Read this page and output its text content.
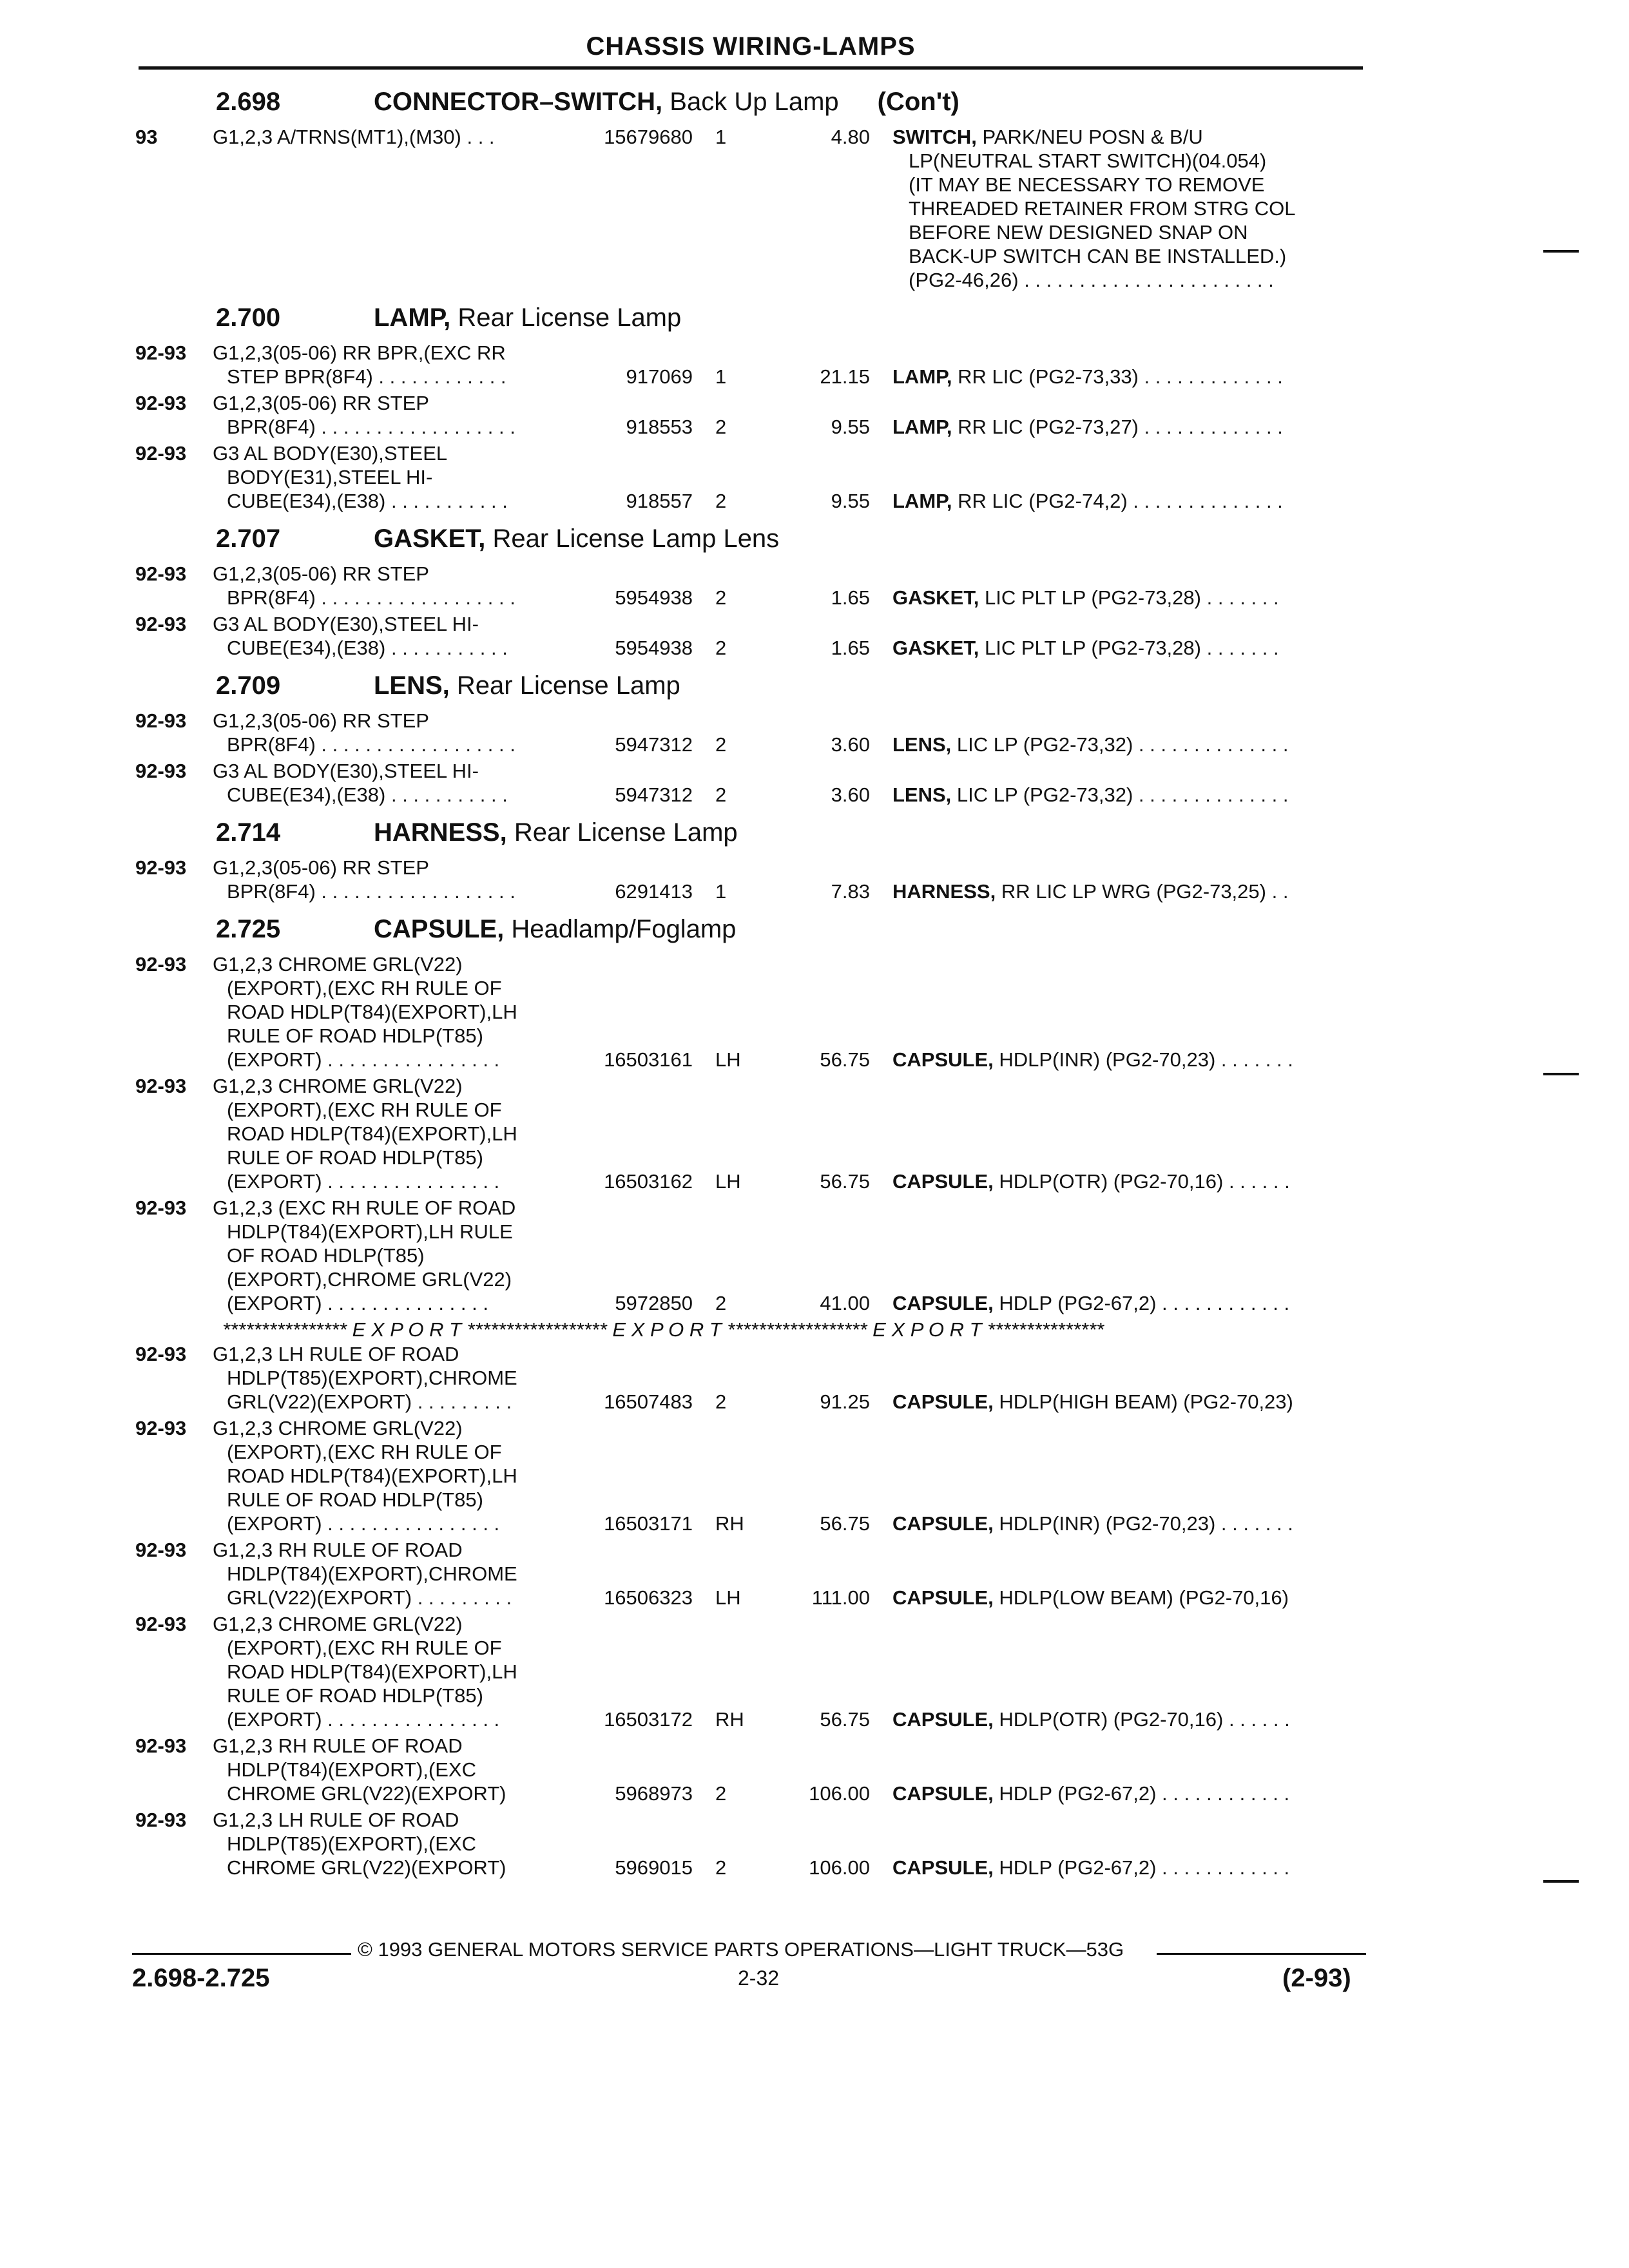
CHASSIS WIRING-LAMPS
2.698	CONNECTOR–SWITCH, Back Up Lamp (Con't)
93	G1,2,3 A/TRNS(MT1),(M30) . . .	15679680 1	4.80 SWITCH, PARK/NEU POSN & B/U
LP(NEUTRAL START SWITCH)(04.054)
(IT MAY BE NECESSARY TO REMOVE
THREADED RETAINER FROM STRG COL
BEFORE NEW DESIGNED SNAP ON
BACK-UP SWITCH CAN BE INSTALLED.)
(PG2-46,26) . . . . . . . . . . . . . . . . . . . . . . .
2.700	LAMP, Rear License Lamp
92-93 G1,2,3(05-06) RR BPR,(EXC RR
STEP BPR(8F4) . . . . . . . . . . . .	917069 1	21.15 LAMP, RR LIC (PG2-73,33) . . . . . . . . . . . . .
92-93 G1,2,3(05-06) RR STEP
BPR(8F4) . . . . . . . . . . . . . . . . . .	918553 2	9.55 LAMP, RR LIC (PG2-73,27) . . . . . . . . . . . . .
92-93 G3 AL BODY(E30),STEEL
BODY(E31),STEEL HI-
CUBE(E34),(E38) . . . . . . . . . . .	918557 2	9.55 LAMP, RR LIC (PG2-74,2) . . . . . . . . . . . . . .
2.707	GASKET, Rear License Lamp Lens
92-93 G1,2,3(05-06) RR STEP
BPR(8F4) . . . . . . . . . . . . . . . . . .	5954938 2	1.65 GASKET, LIC PLT LP (PG2-73,28) . . . . . . .
92-93 G3 AL BODY(E30),STEEL HI-
CUBE(E34),(E38) . . . . . . . . . . .	5954938 2	1.65 GASKET, LIC PLT LP (PG2-73,28) . . . . . . .
2.709	LENS, Rear License Lamp
92-93 G1,2,3(05-06) RR STEP
BPR(8F4) . . . . . . . . . . . . . . . . . .	5947312 2	3.60 LENS, LIC LP (PG2-73,32) . . . . . . . . . . . . . .
92-93 G3 AL BODY(E30),STEEL HI-
CUBE(E34),(E38) . . . . . . . . . . .	5947312 2	3.60 LENS, LIC LP (PG2-73,32) . . . . . . . . . . . . . .
2.714	HARNESS, Rear License Lamp
92-93 G1,2,3(05-06) RR STEP
BPR(8F4) . . . . . . . . . . . . . . . . . .	6291413 1	7.83 HARNESS, RR LIC LP WRG (PG2-73,25) . .
2.725	CAPSULE, Headlamp/Foglamp
92-93 G1,2,3 CHROME GRL(V22)
(EXPORT),(EXC RH RULE OF
ROAD HDLP(T84)(EXPORT),LH
RULE OF ROAD HDLP(T85)
(EXPORT) . . . . . . . . . . . . . . . .	16503161 LH	56.75 CAPSULE, HDLP(INR) (PG2-70,23) . . . . . . .
92-93 G1,2,3 CHROME GRL(V22)
(EXPORT),(EXC RH RULE OF
ROAD HDLP(T84)(EXPORT),LH
RULE OF ROAD HDLP(T85)
(EXPORT) . . . . . . . . . . . . . . . .	16503162 LH	56.75 CAPSULE, HDLP(OTR) (PG2-70,16) . . . . . .
92-93 G1,2,3 (EXC RH RULE OF ROAD
HDLP(T84)(EXPORT),LH RULE
OF ROAD HDLP(T85)
(EXPORT),CHROME GRL(V22)
(EXPORT) . . . . . . . . . . . . . . .	5972850 2	41.00 CAPSULE, HDLP (PG2-67,2) . . . . . . . . . . . .
**************** E X P O R T ****************** E X P O R T ****************** E X P O R T ***************
92-93 G1,2,3 LH RULE OF ROAD
HDLP(T85)(EXPORT),CHROME
GRL(V22)(EXPORT) . . . . . . . . .	16507483 2	91.25 CAPSULE, HDLP(HIGH BEAM) (PG2-70,23)
92-93 G1,2,3 CHROME GRL(V22)
(EXPORT),(EXC RH RULE OF
ROAD HDLP(T84)(EXPORT),LH
RULE OF ROAD HDLP(T85)
(EXPORT) . . . . . . . . . . . . . . . .	16503171 RH	56.75 CAPSULE, HDLP(INR) (PG2-70,23) . . . . . . .
92-93 G1,2,3 RH RULE OF ROAD
HDLP(T84)(EXPORT),CHROME
GRL(V22)(EXPORT) . . . . . . . . .	16506323 LH	111.00 CAPSULE, HDLP(LOW BEAM) (PG2-70,16)
92-93 G1,2,3 CHROME GRL(V22)
(EXPORT),(EXC RH RULE OF
ROAD HDLP(T84)(EXPORT),LH
RULE OF ROAD HDLP(T85)
(EXPORT) . . . . . . . . . . . . . . . .	16503172 RH	56.75 CAPSULE, HDLP(OTR) (PG2-70,16) . . . . . .
92-93 G1,2,3 RH RULE OF ROAD
HDLP(T84)(EXPORT),(EXC
CHROME GRL(V22)(EXPORT)	5968973 2	106.00 CAPSULE, HDLP (PG2-67,2) . . . . . . . . . . . .
92-93 G1,2,3 LH RULE OF ROAD
HDLP(T85)(EXPORT),(EXC
CHROME GRL(V22)(EXPORT)	5969015 2	106.00 CAPSULE, HDLP (PG2-67,2) . . . . . . . . . . . .
© 1993 GENERAL MOTORS SERVICE PARTS OPERATIONS—LIGHT TRUCK—53G
2.698-2.725	2-32	(2-93)
